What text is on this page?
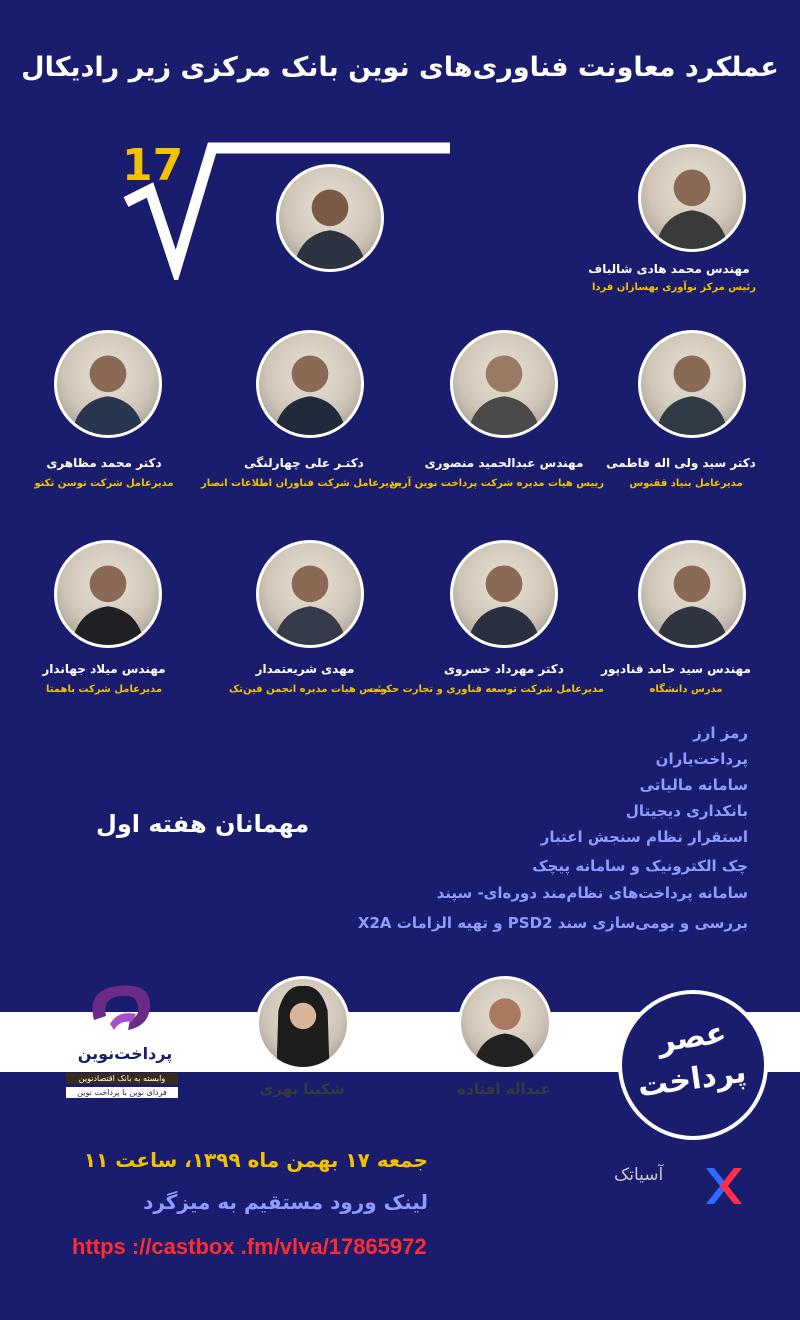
عملکرد معاونت فناوری‌های نوین بانک مرکزی زیر رادیکال
17
مهندس محمد هادی شالباف
رئیس مرکز نوآوری بهسازان فردا
دکتر سید ولی اله فاطمی
مدیرعامل بنیاد ققنوس
مهندس عبدالحمید منصوری
رییس هیات مدیره شرکت پرداخت نوین آرین
دکتـر علی چهارلنگی
مدیرعامل شرکت فناوران اطلاعات انصار
دکتر محمد مظاهری
مدیرعامل شرکت توسن تکنو
مهندس سید حامد قنادپور
مدرس دانشگاه
دکتر مهرداد خسروی
مدیرعامل شرکت توسعه فناوری و تجارت حکمت
مهدی شریعتمدار
رئیس هیات مدیره انجمن فین‌تک
مهندس میلاد جهاندار
مدیرعامل شرکت باهمتا
رمز ارز
پرداخت‌یاران
سامانه مالیاتی
بانکداری دیجیتال
استقرار نظام سنجش اعتبار
چک الکترونیک و سامانه پیچک
سامانه پرداخت‌های نظام‌مند دوره‌ای- سپند
بررسی و بومی‌سازی سند PSD2 و تهیه الزامات X2A
مهمانان هفته اول
پرداخت‌نوین
وابسته به بانک اقتصادنوین
فردای نوین با پرداخت نوین	شکیبا بهری	عبداله افتاده
عصر
پرداخت
جمعه ۱۷ بهمن ماه ۱۳۹۹، ساعت ۱۱
لینک ورود مستقیم به میزگرد
https ://castbox .fm/vlva/17865972
آسیاتک
